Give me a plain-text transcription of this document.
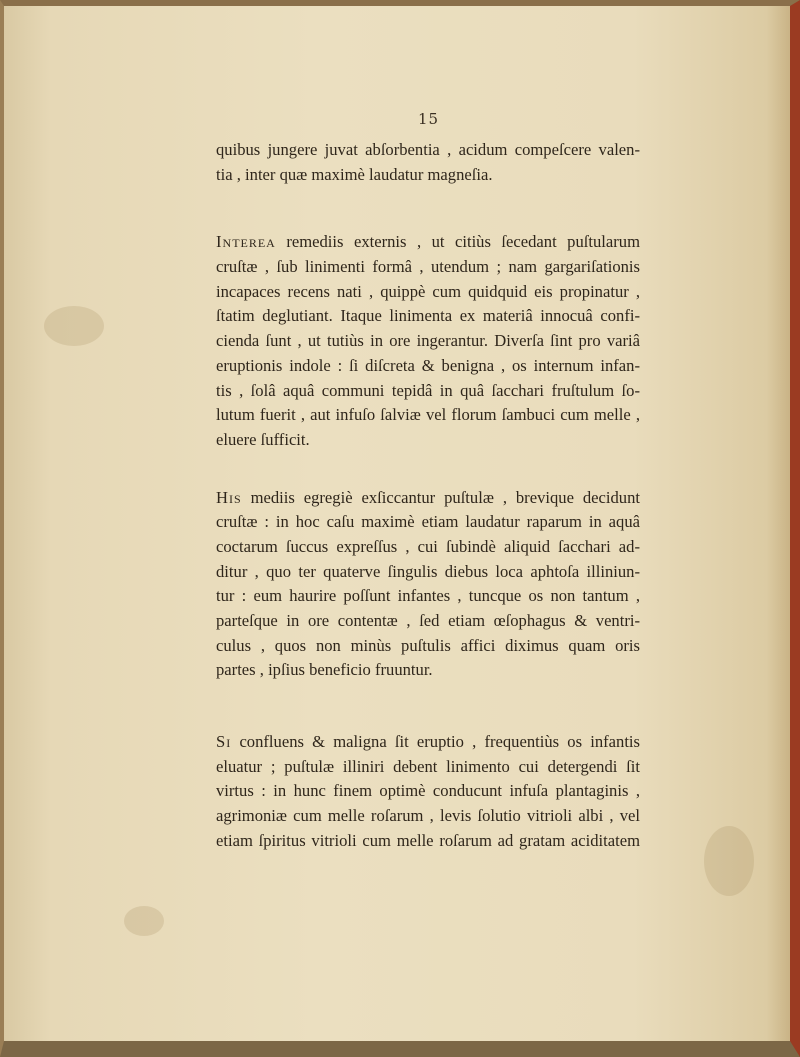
15
quibus jungere juvat abſorbentia , acidum compeſcere valen-
tia , inter quæ maximè laudatur magneſia.
Interea remediis externis , ut citiùs ſecedant puſtularum
cruſtæ , ſub linimenti formâ , utendum ; nam gargariſationis
incapaces recens nati , quippè cum quidquid eis propinatur ,
ſtatim deglutiant. Itaque linimenta ex materiâ innocuâ confi-
cienda ſunt , ut tutiùs in ore ingerantur. Diverſa ſint pro variâ
eruptionis indole : ſi diſcreta & benigna , os internum infan-
tis , ſolâ aquâ communi tepidâ in quâ ſacchari fruſtulum ſo-
lutum fuerit , aut infuſo ſalviæ vel florum ſambuci cum melle ,
eluere ſufficit.
His mediis egregiè exſiccantur puſtulæ , brevique decidunt
cruſtæ : in hoc caſu maximè etiam laudatur raparum in aquâ
coctarum ſuccus expreſſus , cui ſubindè aliquid ſacchari ad-
ditur , quo ter quaterve ſingulis diebus loca aphtoſa illiniun-
tur : eum haurire poſſunt infantes , tuncque os non tantum ,
parteſque in ore contentæ , ſed etiam œſophagus & ventri-
culus , quos non minùs puſtulis affici diximus quam oris
partes , ipſius beneficio fruuntur.
Si confluens & maligna ſit eruptio , frequentiùs os infantis
eluatur ; puſtulæ illiniri debent linimento cui detergendi ſit
virtus : in hunc finem optimè conducunt infuſa plantaginis ,
agrimoniæ cum melle roſarum , levis ſolutio vitrioli albi , vel
etiam ſpiritus vitrioli cum melle roſarum ad gratam aciditatem
